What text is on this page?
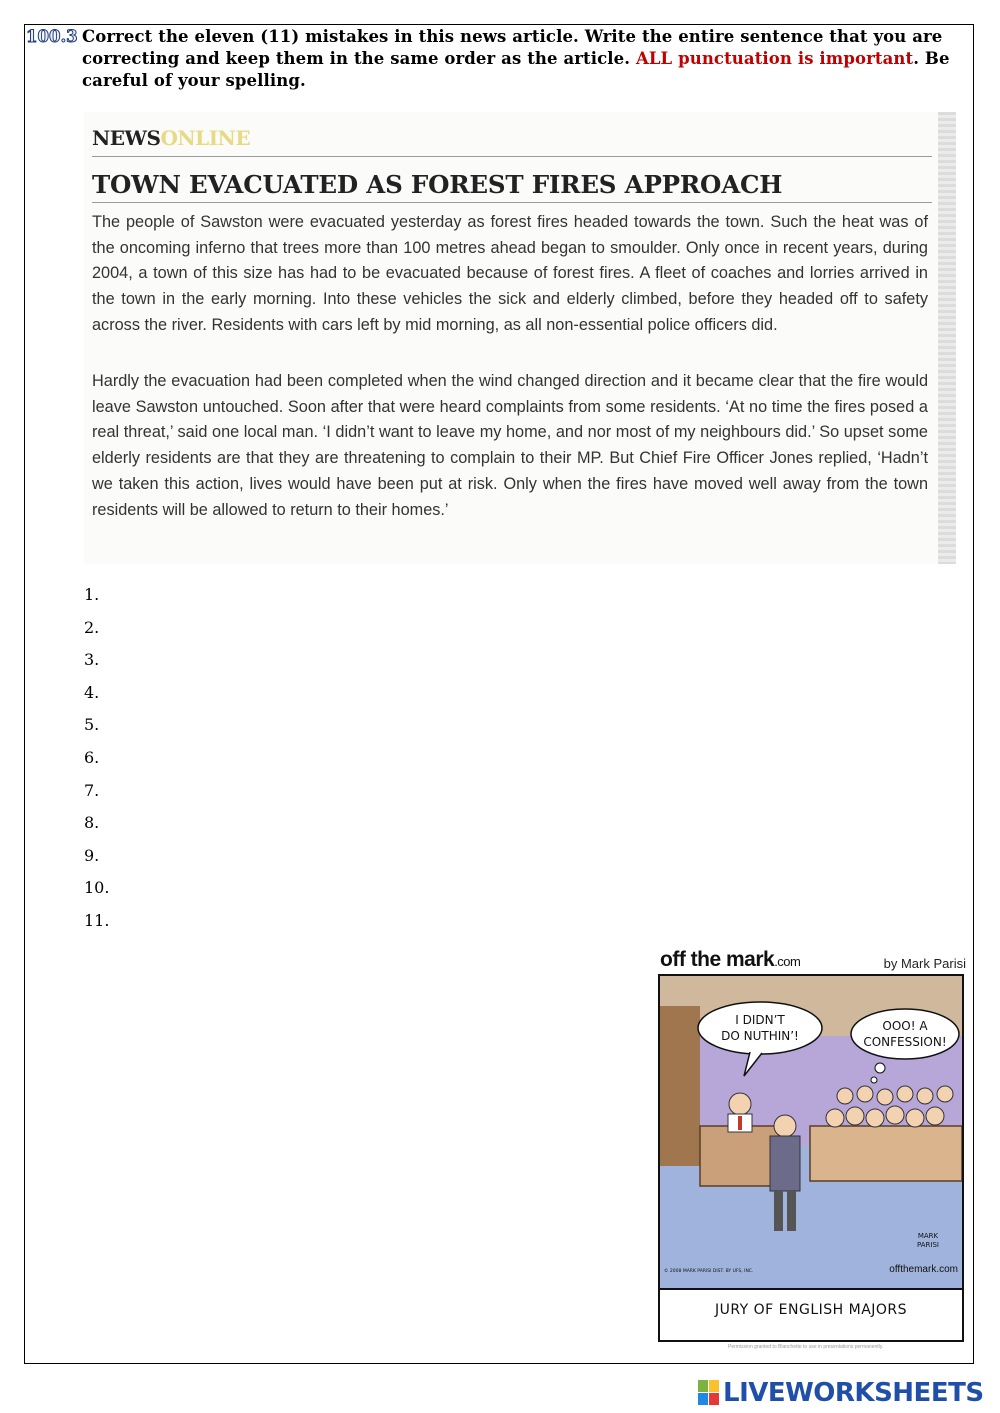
100.3 Correct the eleven (11) mistakes in this news article. Write the entire sentence that you are correcting and keep them in the same order as the article. ALL punctuation is important. Be careful of your spelling.
NEWSONLINE
TOWN EVACUATED AS FOREST FIRES APPROACH
The people of Sawston were evacuated yesterday as forest fires headed towards the town. Such the heat was of the oncoming inferno that trees more than 100 metres ahead began to smoulder. Only once in recent years, during 2004, a town of this size has had to be evacuated because of forest fires. A fleet of coaches and lorries arrived in the town in the early morning. Into these vehicles the sick and elderly climbed, before they headed off to safety across the river. Residents with cars left by mid morning, as all non-essential police officers did.
Hardly the evacuation had been completed when the wind changed direction and it became clear that the fire would leave Sawston untouched. Soon after that were heard complaints from some residents. ‘At no time the fires posed a real threat,’ said one local man. ‘I didn’t want to leave my home, and nor most of my neighbours did.’ So upset some elderly residents are that they are threatening to complain to their MP. But Chief Fire Officer Jones replied, ‘Hadn’t we taken this action, lives would have been put at risk. Only when the fires have moved well away from the town residents will be allowed to return to their homes.’
1.
2.
3.
4.
5.
6.
7.
8.
9.
10.
11.
off the mark.com	by Mark Parisi
I DIDN’T
DO NUTHIN’!
OOO! A
CONFESSION!
MARK
PARISI
© 2008 MARK PARISI DIST. BY UFS, INC.	offthemark.com
JURY OF ENGLISH MAJORS
Permission granted to Blanchette to use in presentations permanently.
LIVEWORKSHEETS
